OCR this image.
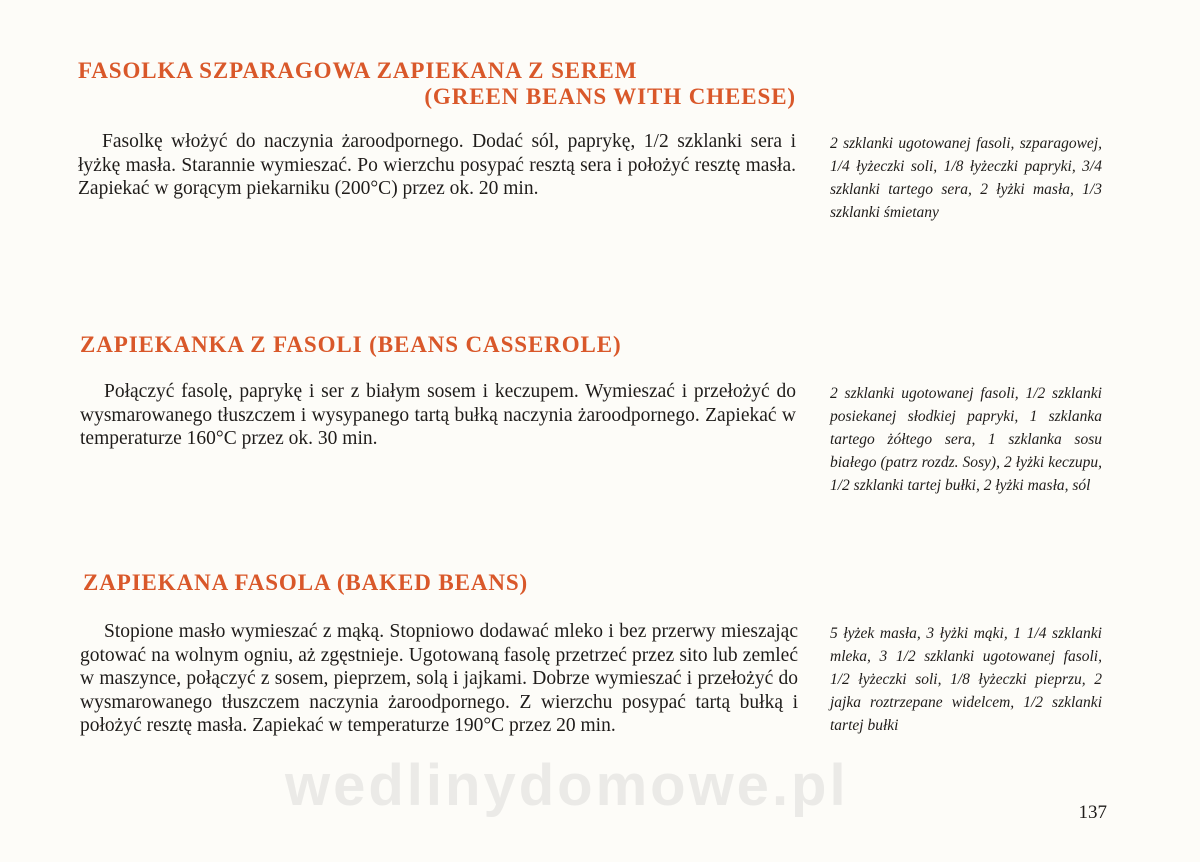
FASOLKA SZPARAGOWA ZAPIEKANA Z SEREM
(GREEN BEANS WITH CHEESE)

Fasolkę włożyć do naczynia żaroodpornego. Dodać sól, paprykę, 1/2 szklanki sera i łyżkę masła. Starannie wymieszać. Po wierzchu posypać resztą sera i położyć resztę masła. Zapiekać w gorącym piekarniku (200°C) przez ok. 20 min.

2 szklanki ugotowanej fasoli, szparagowej, 1/4 łyżeczki soli, 1/8 łyżeczki papryki, 3/4 szklanki tartego sera, 2 łyżki masła, 1/3 szklanki śmietany

ZAPIEKANKA Z FASOLI (BEANS CASSEROLE)

Połączyć fasolę, paprykę i ser z białym sosem i keczupem. Wymieszać i przełożyć do wysmarowanego tłuszczem i wysypanego tartą bułką naczynia żaroodpornego. Zapiekać w temperaturze 160°C przez ok. 30 min.

2 szklanki ugotowanej fasoli, 1/2 szklanki posiekanej słodkiej papryki, 1 szklanka tartego żółtego sera, 1 szklanka sosu białego (patrz rozdz. Sosy), 2 łyżki keczupu, 1/2 szklanki tartej bułki, 2 łyżki masła, sól

ZAPIEKANA FASOLA (BAKED BEANS)

Stopione masło wymieszać z mąką. Stopniowo dodawać mleko i bez przerwy mieszając gotować na wolnym ogniu, aż zgęstnieje. Ugotowaną fasolę przetrzeć przez sito lub zemleć w maszynce, połączyć z sosem, pieprzem, solą i jajkami. Dobrze wymieszać i przełożyć do wysmarowanego tłuszczem naczynia żaroodpornego. Z wierzchu posypać tartą bułką i położyć resztę masła. Zapiekać w temperaturze 190°C przez 20 min.

5 łyżek masła, 3 łyżki mąki, 1 1/4 szklanki mleka, 3 1/2 szklanki ugotowanej fasoli, 1/2 łyżeczki soli, 1/8 łyżeczki pieprzu, 2 jajka roztrzepane widelcem, 1/2 szklanki tartej bułki

wedlinydomowe.pl	137
